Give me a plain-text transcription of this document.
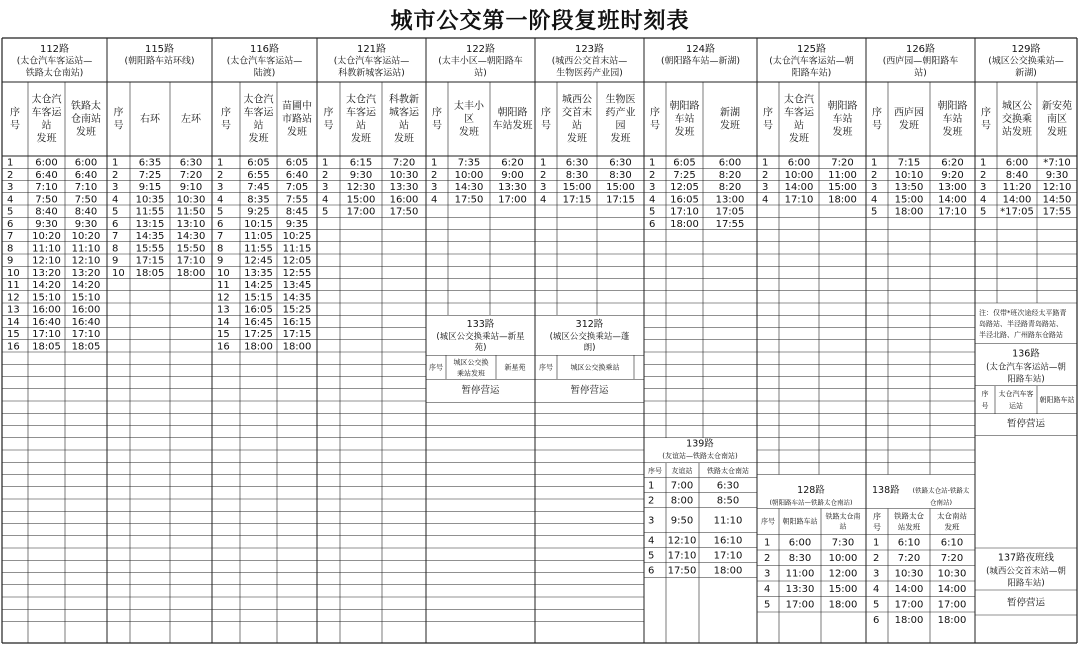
城市公交第一阶段复班时刻表
112路
(太仓汽车客运站—
铁路太仓南站)
序
号
太仓汽
车客运
站
发班
铁路太
仓南站
发班
1 6:00 6:00
2 6:40 6:40
3 7:10 7:10
4 7:50 7:50
5 8:40 8:40
6 9:30 9:30
7 10:20 10:20
8 11:10 11:10
9 12:10 12:10
10 13:20 13:20
11 14:20 14:20
12 15:10 15:10
13 16:00 16:00
14 16:40 16:40
15 17:10 17:10
16 18:05 18:05
115路
(朝阳路车站环线)
序
号
右环 左环
1 6:35 6:30
2 7:25 7:20
3 9:15 9:10
4 10:35 10:30
5 11:55 11:50
6 13:15 13:10
7 14:35 14:30
8 15:55 15:50
9 17:15 17:10
10 18:05 18:00
116路
(太仓汽车客运站—
陆渡)
序
号
太仓汽
车客运
站
发班
苗圃中
市路站
发班
1 6:05 6:05
2 6:55 6:40
3 7:45 7:05
4 8:35 7:55
5 9:25 8:45
6 10:15 9:35
7 11:05 10:25
8 11:55 11:15
9 12:45 12:05
10 13:35 12:55
11 14:25 13:45
12 15:15 14:35
13 16:05 15:25
14 16:45 16:15
15 17:25 17:15
16 18:00 18:00
121路
(太仓汽车客运站—
科教新城客运站)
序
号
太仓汽
车客运
站
发班
科教新
城客运
站
发班
1 6:15 7:20
2 9:30 10:30
3 12:30 13:30
4 15:00 16:00
5 17:00 17:50
122路
(太丰小区—朝阳路车
站)
序
号
太丰小
区
发班
朝阳路
车站发班
1 7:35 6:20
2 10:00 9:00
3 14:30 13:30
4 17:50 17:00
123路
(城西公交首末站—
生物医药产业园)
序
号
城西公
交首末
站
发班
生物医
药产业
园
发班
1 6:30 6:30
2 8:30 8:30
3 15:00 15:00
4 17:15 17:15
124路
(朝阳路车站—新湖)
序
号
朝阳路
车站
发班
新湖
发班
1 6:05 6:00
2 7:25 8:20
3 12:05 8:20
4 16:05 13:00
5 17:10 17:05
6 18:00 17:55
125路
(太仓汽车客运站—朝
阳路车站)
序
号
太仓汽
车客运
站
发班
朝阳路
车站
发班
1 6:00 7:20
2 10:00 11:00
3 14:00 15:00
4 17:10 18:00
126路
(西庐园—朝阳路车
站)
序
号
西庐园
发班
朝阳路
车站
发班
1 7:15 6:20
2 10:10 9:20
3 13:50 13:00
4 15:00 14:00
5 18:00 17:10
129路
(城区公交换乘站—
新湖)
序
号
城区公
交换乘
站发班
新安苑
南区
发班
1 6:00 *7:10
2 8:40 9:30
3 11:20 12:10
4 14:00 14:50
5 *17:05 17:55
注：仅带*班次途经太平路青
岛路站、半泾路青岛路站、
半泾北路、广州路东仓路站
136路
(太仓汽车客运站—朝
阳路车站)
序
号
太仓汽车客
运站
朝阳路车站
暂停营运
137路夜班线
(城西公交首末站—朝
阳路车站)
暂停营运
133路
(城区公交换乘站—新星
苑)
暂停营运
序号
城区公交换
乘站发班
新星苑
312路
(城区公交换乘站—蓬
朗)
暂停营运
序号	城区公交换乘站
139路
(友谊站—铁路太仓南站)
序号 友谊站 铁路太仓南站
1 7:00 6:30
2 8:00 8:50
3 9:50 11:10
4 12:10 16:10
5 17:10 17:10
6 17:50 18:00
128路
(朝阳路车站—铁路太仓南站)
序号 朝阳路车站
铁路太仓南
站
1 6:00 7:30
2 8:30 10:00
3 11:00 12:00
4 13:30 15:00
5 17:00 18:00
138路 (铁路太仓站-铁路太
仓南站)
序
号
铁路太仓
站发班
太仓南站
发班
1 6:10 6:10
2 7:20 7:20
3 10:30 10:30
4 14:00 14:00
5 17:00 17:00
6 18:00 18:00
